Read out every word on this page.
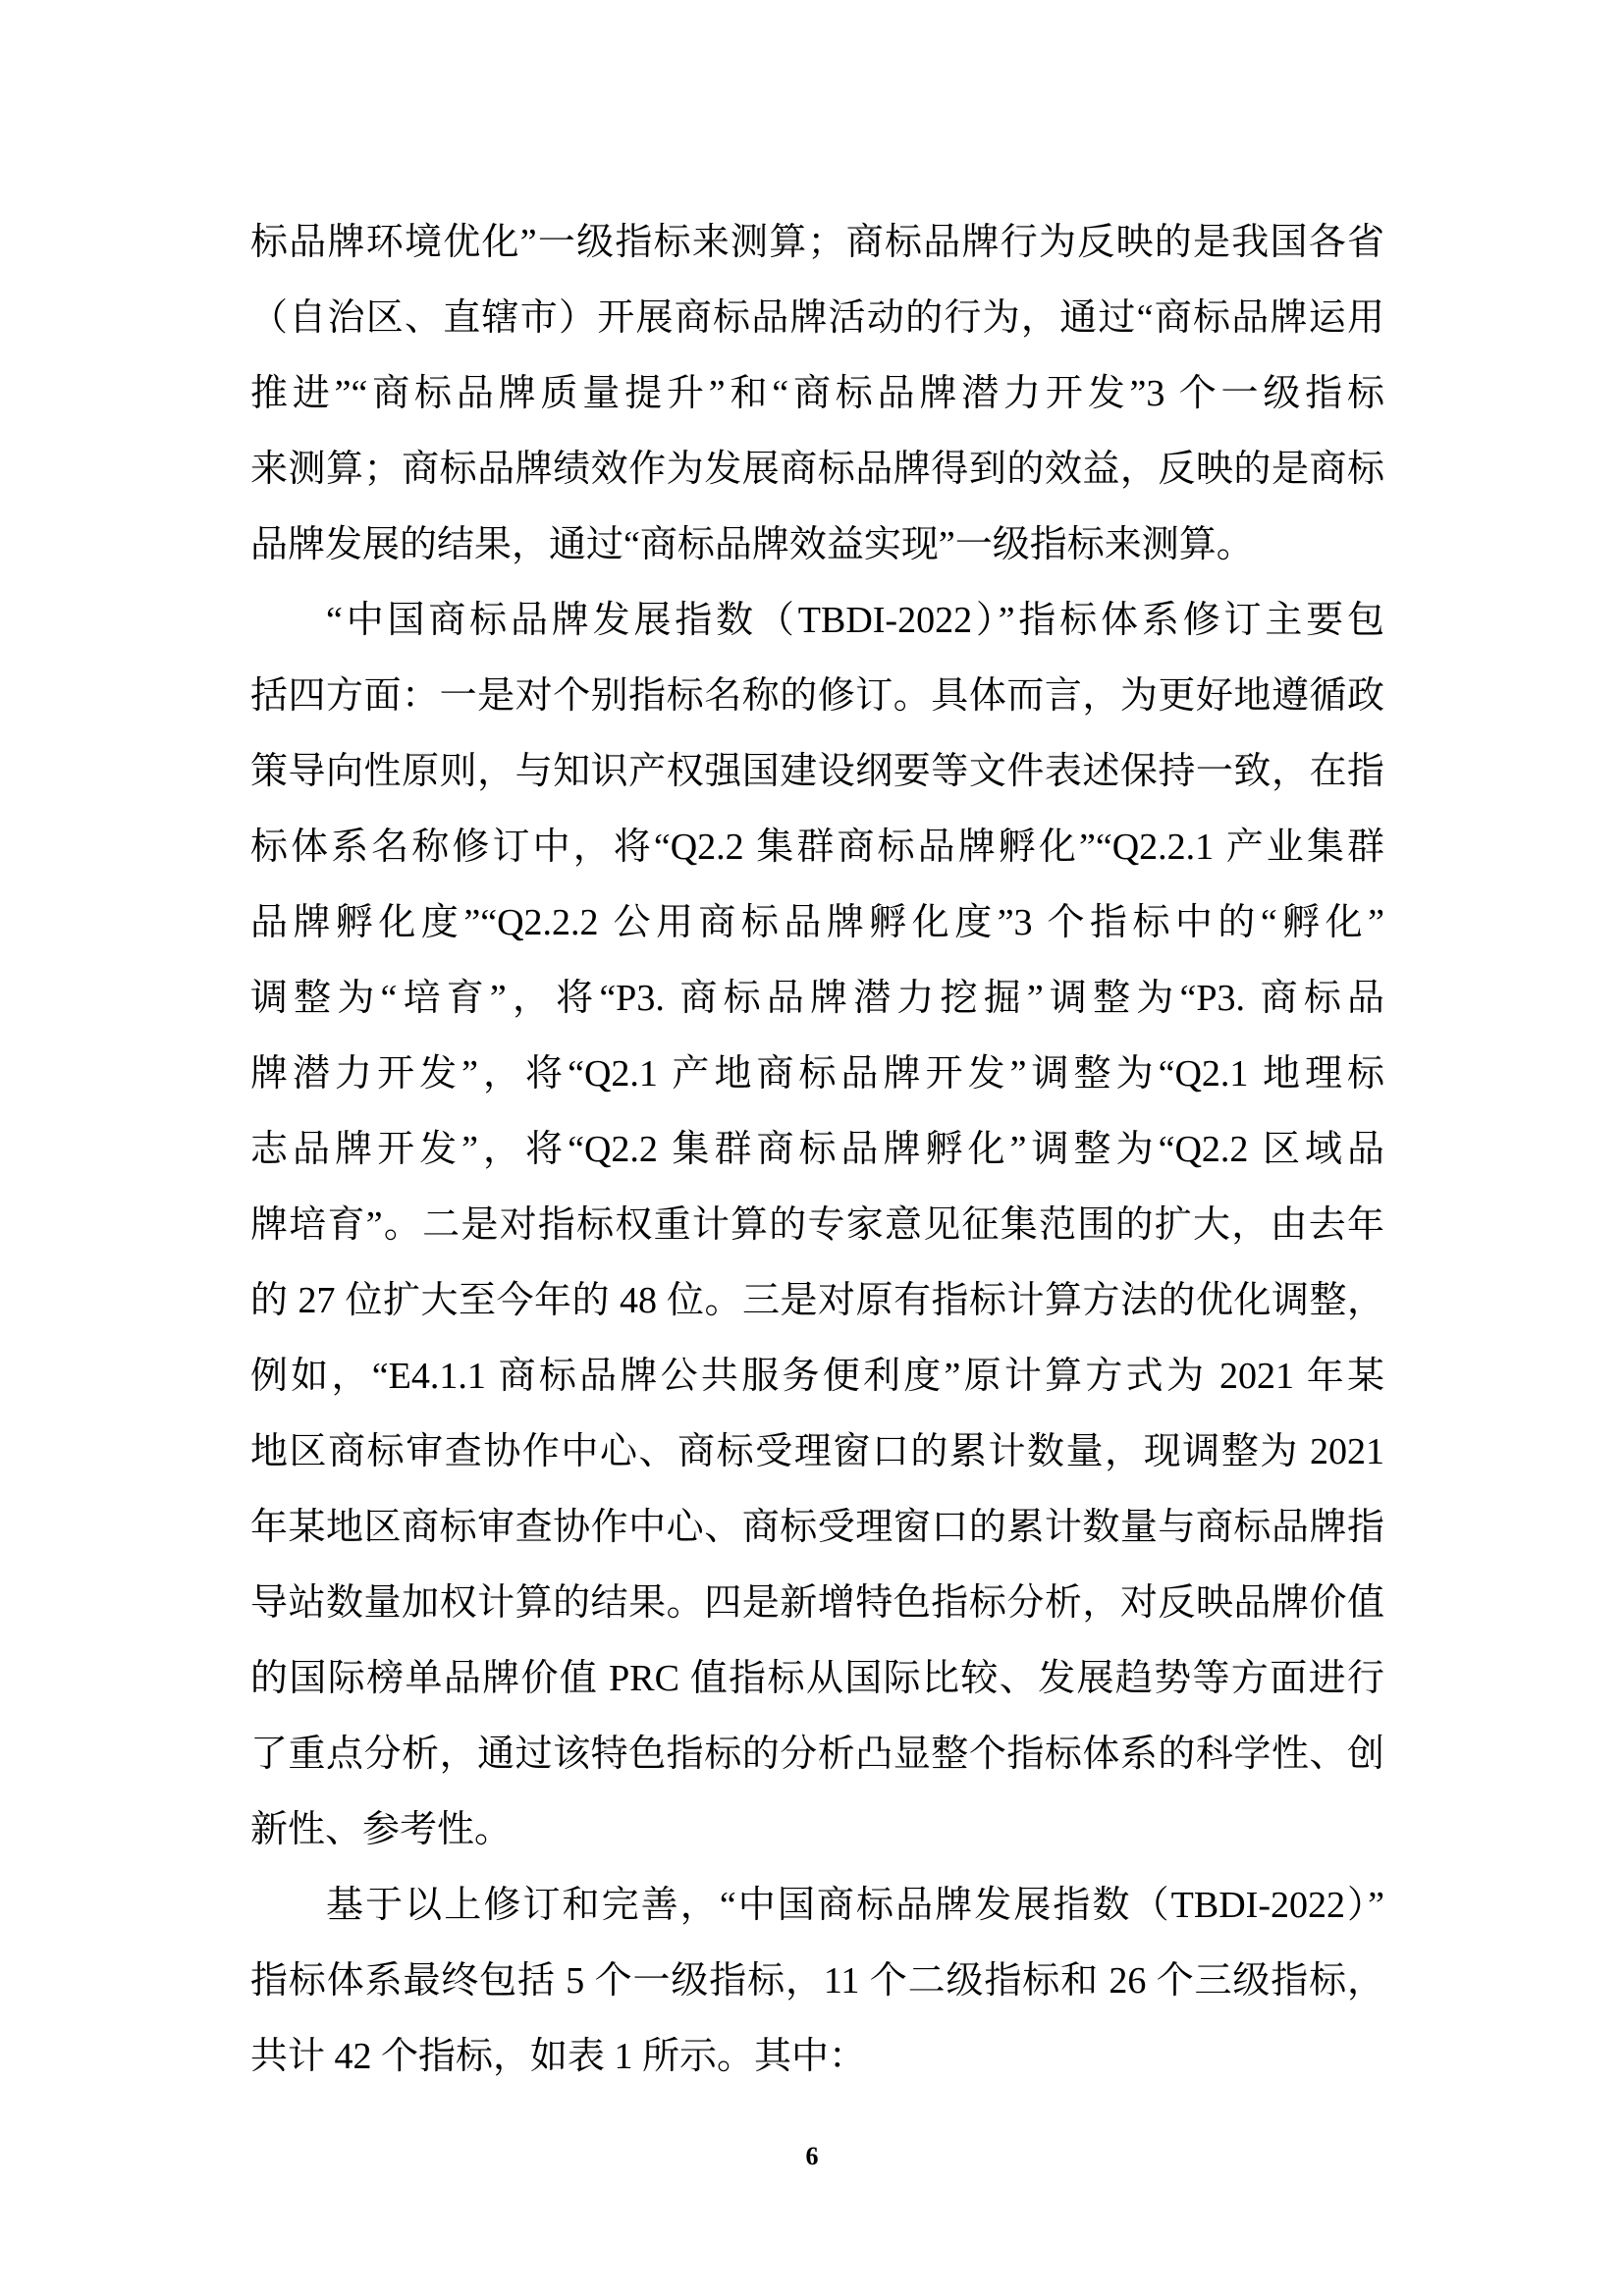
标品牌环境优化”一级指标来测算；商标品牌行为反映的是我国各省
（自治区、直辖市）开展商标品牌活动的行为，通过“商标品牌运用
推进”“商标品牌质量提升”和“商标品牌潜力开发”3 个一级指标
来测算；商标品牌绩效作为发展商标品牌得到的效益，反映的是商标
品牌发展的结果，通过“商标品牌效益实现”一级指标来测算。
“中国商标品牌发展指数（TBDI-2022）”指标体系修订主要包
括四方面：一是对个别指标名称的修订。具体而言，为更好地遵循政
策导向性原则，与知识产权强国建设纲要等文件表述保持一致，在指
标体系名称修订中，将“Q2.2 集群商标品牌孵化”“Q2.2.1 产业集群
品牌孵化度”“Q2.2.2 公用商标品牌孵化度”3 个指标中的“孵化”
调整为“培育”，将“P3. 商标品牌潜力挖掘”调整为“P3. 商标品
牌潜力开发”，将“Q2.1 产地商标品牌开发”调整为“Q2.1 地理标
志品牌开发”，将“Q2.2 集群商标品牌孵化”调整为“Q2.2 区域品
牌培育”。二是对指标权重计算的专家意见征集范围的扩大，由去年
的 27 位扩大至今年的 48 位。三是对原有指标计算方法的优化调整，
例如，“E4.1.1 商标品牌公共服务便利度”原计算方式为 2021 年某
地区商标审查协作中心、商标受理窗口的累计数量，现调整为 2021
年某地区商标审查协作中心、商标受理窗口的累计数量与商标品牌指
导站数量加权计算的结果。四是新增特色指标分析，对反映品牌价值
的国际榜单品牌价值 PRC 值指标从国际比较、发展趋势等方面进行
了重点分析，通过该特色指标的分析凸显整个指标体系的科学性、创
新性、参考性。
基于以上修订和完善，“中国商标品牌发展指数（TBDI-2022）”
指标体系最终包括 5 个一级指标，11 个二级指标和 26 个三级指标，
共计 42 个指标，如表 1 所示。其中：
6
